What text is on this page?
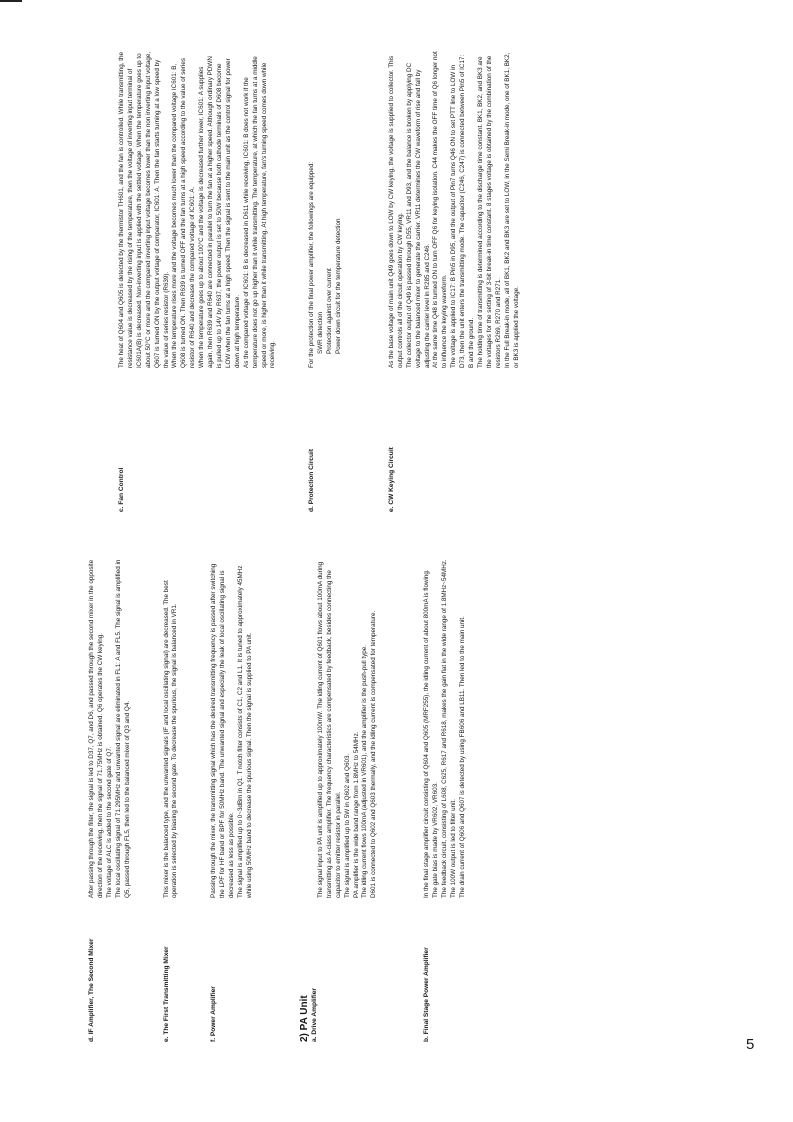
d. IF Amplifier, The Second Mixer

After passing through the filter, the signal is led to D37, Q7, and D6, and passed through the second mixer in the opposite direction of the receiving, then the signal of 71.75MHz is obtained. Q6 operates the CW keying. The voltage of ALC is added to the second gate of Q7. The local oscillating signal of 71.295MHz and unwanted signal are eliminated in FL1: A and FL5. The signal is amplified in Q5, passed through FL5, then led to the balanced mixer of Q3 and Q4.

e. The First Transmitting Mixer

This mixer is the balanced type, and the unwanted signals (IF and local oscillating signal) are decreased. The best operation is selected by biasing the second gate. To decrease the spurious, the signal is balanced in VR1.

f. Power Amplifier

Passing through the mixer, the transmitting signal which has the desired transmitting frequency is passed after switching the LPF for HF band or BPF for 50MHz band. The unwanted signal and especially the leak of local oscillating signal is decreased as less as possible. The signal is amplified up to 0~3dBm in Q1. T notch filter consists of C1, C2 and L1. It is tuned to approximately 45MHz while using 50MHz band to decrease the spurious signal. Then the signal is supplied to PA unit.

2) PA Unit a. Drive Amplifier

The signal input to PA unit is amplified up to approximately 100mW. The idling current of Q601 flows about 100mA during transmitting as A-class amplifier. The frequency characteristics are compensated by feedback, besides connecting the capacitor to emitter resistor in parallel. The signal is amplified up to 5W in Q602 and Q603. PA amplifier is the wide band range from 1.8MHz to 54MHz. The idling current flows 100mA (adjusted in VR601), and the amplifier is the push-pull type. D601 is connected to Q602 and Q603 thermally, and the idling current is compensated for temperature.

b. Final Stage Power Amplifier

In the final stage amplifier circuit consisting of Q604 and Q605 (MRF255), the idling current of about 800mA is flowing. The gate bias is made by VR602, VR603. The feedback circuit, consisting of L608, C625, R617 and R618, makes the gain flat in the wide range of 1.8MHz~54MHz. The 100W output is led to filter unit. The drain current of Q606 and Q607 is detected by using FB606 and LB11. Then led to the main unit.

c. Fan Control

The heat of Q604 and Q605 is detected by the thermistor TH601, and the fan is controlled. While transmitting, the resistance value is decreased by the rising of the temperature, then the voltage of inverting input terminal of IC601A(B) is decreased. Non-inverting input is applied with the settled voltage. When the temperature goes up to about 50°C or more and the compared inverting input voltage becomes lower than the non inverting input voltage, Q607 is turned ON by the output voltage of comparator, IC601: A. Then the fan starts turning at a low speed by the value of series resistor (R639). When the temperature rises more and the voltage becomes much lower than the compared voltage IC601: B, Q608 is turned ON. Then R639 is turned OFF and the fan turns at a high speed according to the value of series resistor of R640 and decrease the compared voltage of IC601: A. When the temperature goes up to about 100°C and the voltage is decreased further lower, IC601: A supplies again, then R639 and R640 are connected in parallel to turn the fan at a higher speed. Although ordinary PDWN is pulled up to 14V by R637, the power output is set to 50W because both cathode terminals of D608 become LOW when the fan turns at a high speed. Then the signal is sent to the main unit as the control signal for power down at high temperature. As the compared voltage of IC601: B is decreased in D611 while receiving, IC601: B does not work if the temperature does not go up higher than it while transmitting. The temperature, at which the fan turns at a middle speed or more, is higher than it while transmitting. At high temperature, fan's turning speed comes down while receiving.

d. Protection Circuit

For the protection of the final power amplifier, the followings are equipped: SWR detection Protection against over current Power down circuit for the temperature detection
e. CW Keying Circuit

As the base voltage of main unit Q49 goes down to LOW by CW keying, the voltage is supplied to collector. This output controls all of the circuit operation by CW keying. The collector output of Q49 is passed through D55, VR11 and D93, and the balance is broken by applying DC voltage to the balanced mixer to generate the carrier. VR11 determines the CW waveform of rise and fall by adjusting the carrier level in R285 and C246. At the same time Q48 is turned ON to turn OFF Q6 for keying isolation. C44 makes the OFF time of Q6 longer not to influence the keying waveform. The voltage is applied to IC17: B Pin5 in D95, and the output of Pin7 turns Q46 ON to set PTT line to LOW in D73, then the unit enters the transmitting mode. The capacitor (C246, C247) is connected between Pin5 of IC17: B and the ground. The holding time of transmitting is determined according to the discharge time constant. BK1, BK2, and BK3 are the voltages for the setting of 3-bit break-in time constant. 8 stages voltage is obtained by the combination of the resistors R269, R270 and R271. In the Full Break-in mode, all of BK1, BK2 and BK3 are set to LOW, in the Semi Break-in mode, one of BK1, BK2, or BK3 is applied the voltage.

5
